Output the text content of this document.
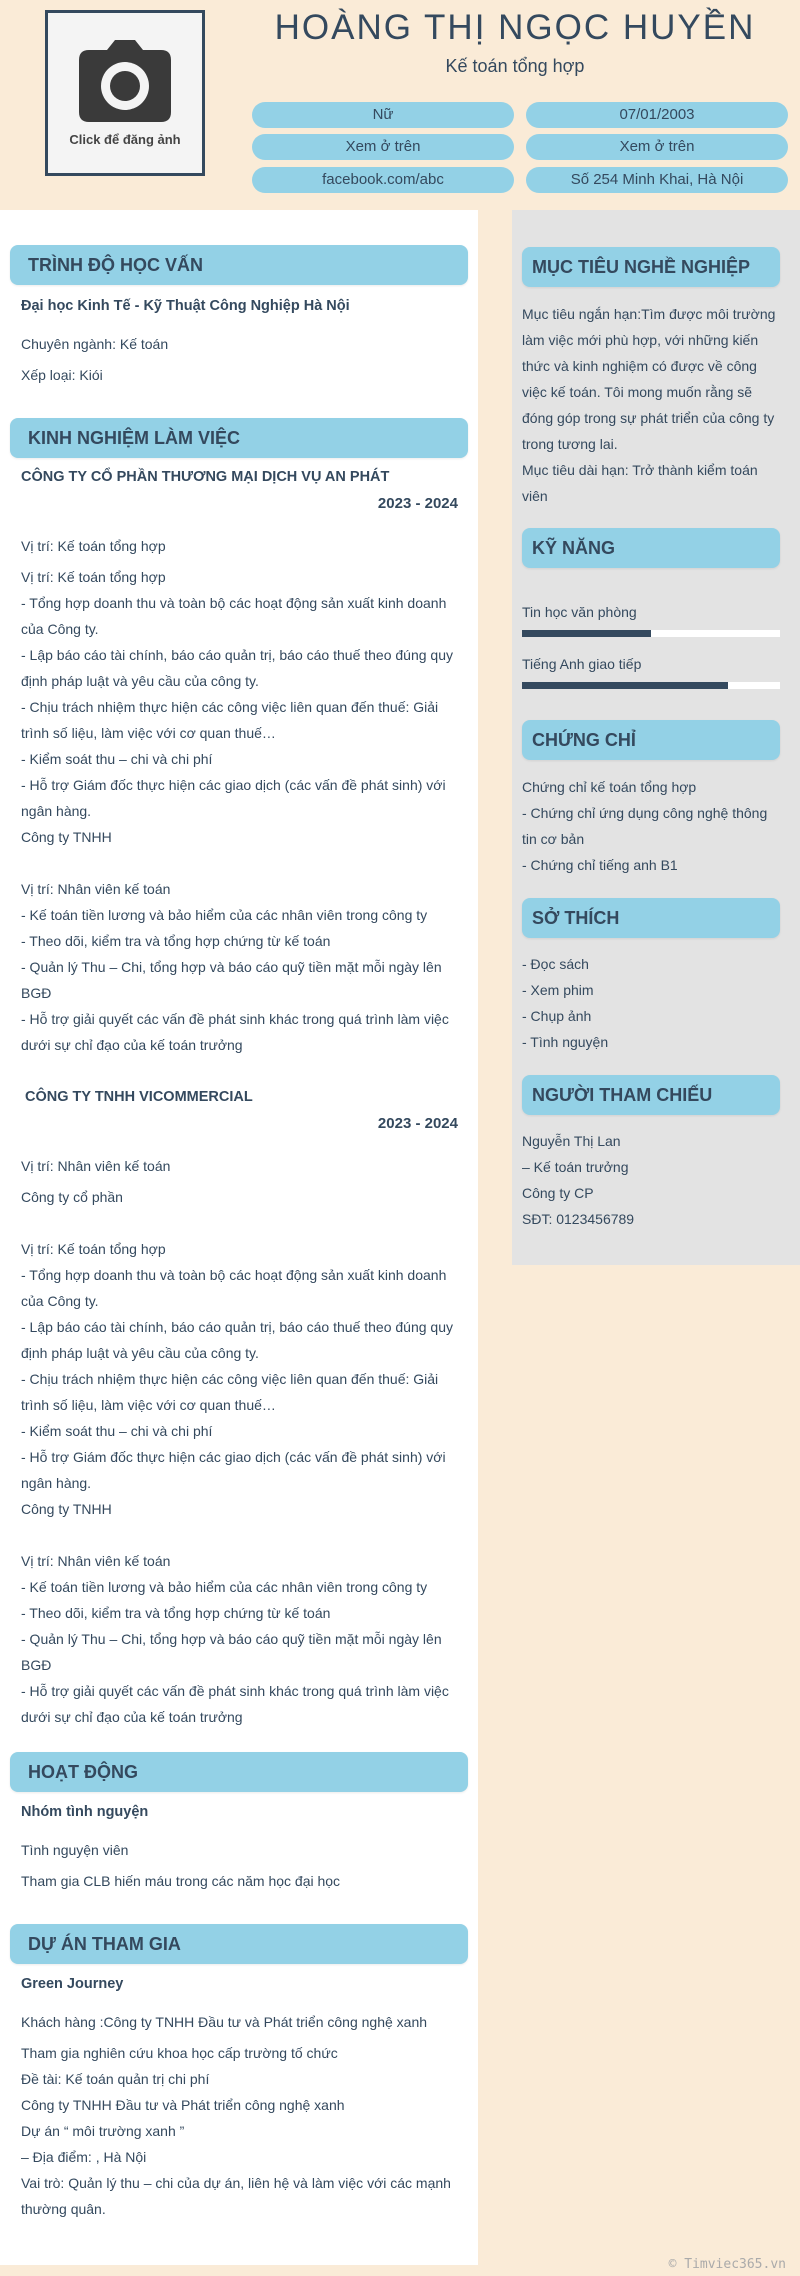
Click để đăng ảnh
HOÀNG THỊ NGỌC HUYỀN
Kế toán tổng hợp
Nữ	07/01/2003
Xem ở trên	Xem ở trên
facebook.com/abc	Số 254 Minh Khai, Hà Nội
TRÌNH ĐỘ HỌC VẤN
Đại học Kinh Tế - Kỹ Thuật Công Nghiệp Hà Nội
Chuyên ngành: Kế toán
Xếp loại: Kiói
KINH NGHIỆM LÀM VIỆC
CÔNG TY CỔ PHẦN THƯƠNG MẠI DỊCH VỤ AN PHÁT
2023 - 2024
Vị trí: Kế toán tổng hợp
Vị trí: Kế toán tổng hợp
- Tổng hợp doanh thu và toàn bộ các hoạt động sản xuất kinh doanh của Công ty.
- Lập báo cáo tài chính, báo cáo quản trị, báo cáo thuế theo đúng quy định pháp luật và yêu cầu của công ty.
- Chịu trách nhiệm thực hiện các công việc liên quan đến thuế: Giải trình số liệu, làm việc với cơ quan thuế…
- Kiểm soát thu – chi và chi phí
- Hỗ trợ Giám đốc thực hiện các giao dịch (các vấn đề phát sinh) với ngân hàng.
Công ty TNHH
Vị trí: Nhân viên kế toán
- Kế toán tiền lương và bảo hiểm của các nhân viên trong công ty
- Theo dõi, kiểm tra và tổng hợp chứng từ kế toán
- Quản lý Thu – Chi, tổng hợp và báo cáo quỹ tiền mặt mỗi ngày lên BGĐ
- Hỗ trợ giải quyết các vấn đề phát sinh khác trong quá trình làm việc dưới sự chỉ đạo của kế toán trưởng
CÔNG TY TNHH VICOMMERCIAL
2023 - 2024
Vị trí: Nhân viên kế toán
Công ty cổ phần
Vị trí: Kế toán tổng hợp
- Tổng hợp doanh thu và toàn bộ các hoạt động sản xuất kinh doanh của Công ty.
- Lập báo cáo tài chính, báo cáo quản trị, báo cáo thuế theo đúng quy định pháp luật và yêu cầu của công ty.
- Chịu trách nhiệm thực hiện các công việc liên quan đến thuế: Giải trình số liệu, làm việc với cơ quan thuế…
- Kiểm soát thu – chi và chi phí
- Hỗ trợ Giám đốc thực hiện các giao dịch (các vấn đề phát sinh) với ngân hàng.
Công ty TNHH
Vị trí: Nhân viên kế toán
- Kế toán tiền lương và bảo hiểm của các nhân viên trong công ty
- Theo dõi, kiểm tra và tổng hợp chứng từ kế toán
- Quản lý Thu – Chi, tổng hợp và báo cáo quỹ tiền mặt mỗi ngày lên BGĐ
- Hỗ trợ giải quyết các vấn đề phát sinh khác trong quá trình làm việc dưới sự chỉ đạo của kế toán trưởng
HOẠT ĐỘNG
Nhóm tình nguyện
Tình nguyện viên
Tham gia CLB hiến máu trong các năm học đại học
DỰ ÁN THAM GIA
Green Journey
Khách hàng :Công ty TNHH Đầu tư và Phát triển công nghệ xanh
Tham gia nghiên cứu khoa học cấp trường tố chức
Đề tài: Kế toán quản trị chi phí
Công ty TNHH Đầu tư và Phát triển công nghệ xanh
Dự án “ môi trường xanh ”
– Địa điểm: , Hà Nội
Vai trò: Quản lý thu – chi của dự án, liên hệ và làm việc với các mạnh thường quân.
MỤC TIÊU NGHỀ NGHIỆP
Mục tiêu ngắn hạn:Tìm được môi trường làm việc mới phù hợp, với những kiến thức và kinh nghiệm có được về công việc kế toán. Tôi mong muốn rằng sẽ đóng góp trong sự phát triển của công ty trong tương lai.
Mục tiêu dài hạn: Trở thành kiểm toán viên
KỸ NĂNG
Tin học văn phòng
Tiếng Anh giao tiếp
CHỨNG CHỈ
Chứng chỉ kế toán tổng hợp
- Chứng chỉ ứng dụng công nghệ thông tin cơ bản
- Chứng chỉ tiếng anh B1
SỞ THÍCH
- Đọc sách
- Xem phim
- Chụp ảnh
- Tình nguyện
NGƯỜI THAM CHIẾU
Nguyễn Thị Lan
– Kế toán trưởng
Công ty CP
SĐT: 0123456789
© Timviec365.vn
